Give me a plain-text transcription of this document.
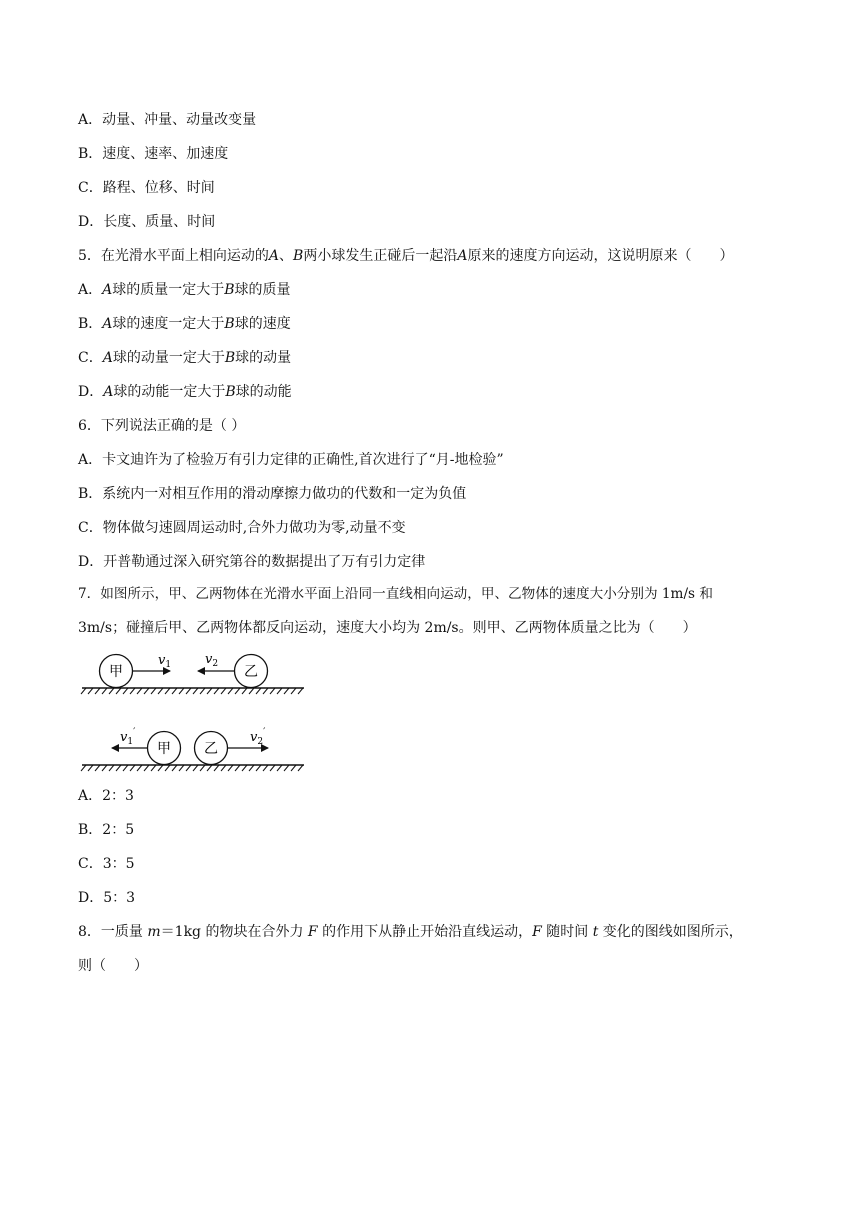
A．动量、冲量、动量改变量
B．速度、速率、加速度
C．路程、位移、时间
D．长度、质量、时间
5．在光滑水平面上相向运动的A、B两小球发生正碰后一起沿A原来的速度方向运动，这说明原来（　　）
A．A球的质量一定大于B球的质量
B．A球的速度一定大于B球的速度
C．A球的动量一定大于B球的动量
D．A球的动能一定大于B球的动能
6．下列说法正确的是（ ）
A．卡文迪许为了检验万有引力定律的正确性,首次进行了“月-地检验”
B．系统内一对相互作用的滑动摩擦力做功的代数和一定为负值
C．物体做匀速圆周运动时,合外力做功为零,动量不变
D．开普勒通过深入研究第谷的数据提出了万有引力定律
7．如图所示，甲、乙两物体在光滑水平面上沿同一直线相向运动，甲、乙物体的速度大小分别为 1m/s 和
3m/s；碰撞后甲、乙两物体都反向运动，速度大小均为 2m/s。则甲、乙两物体质量之比为（　　）
甲
$v_1$	乙
$v_2$
$v_1'$
甲 乙
$v_2'$
A．2：3
B．2：5
C．3：5
D．5：3
8．一质量 m＝1kg 的物块在合外力 F 的作用下从静止开始沿直线运动，F 随时间 t 变化的图线如图所示，
则（　　）
